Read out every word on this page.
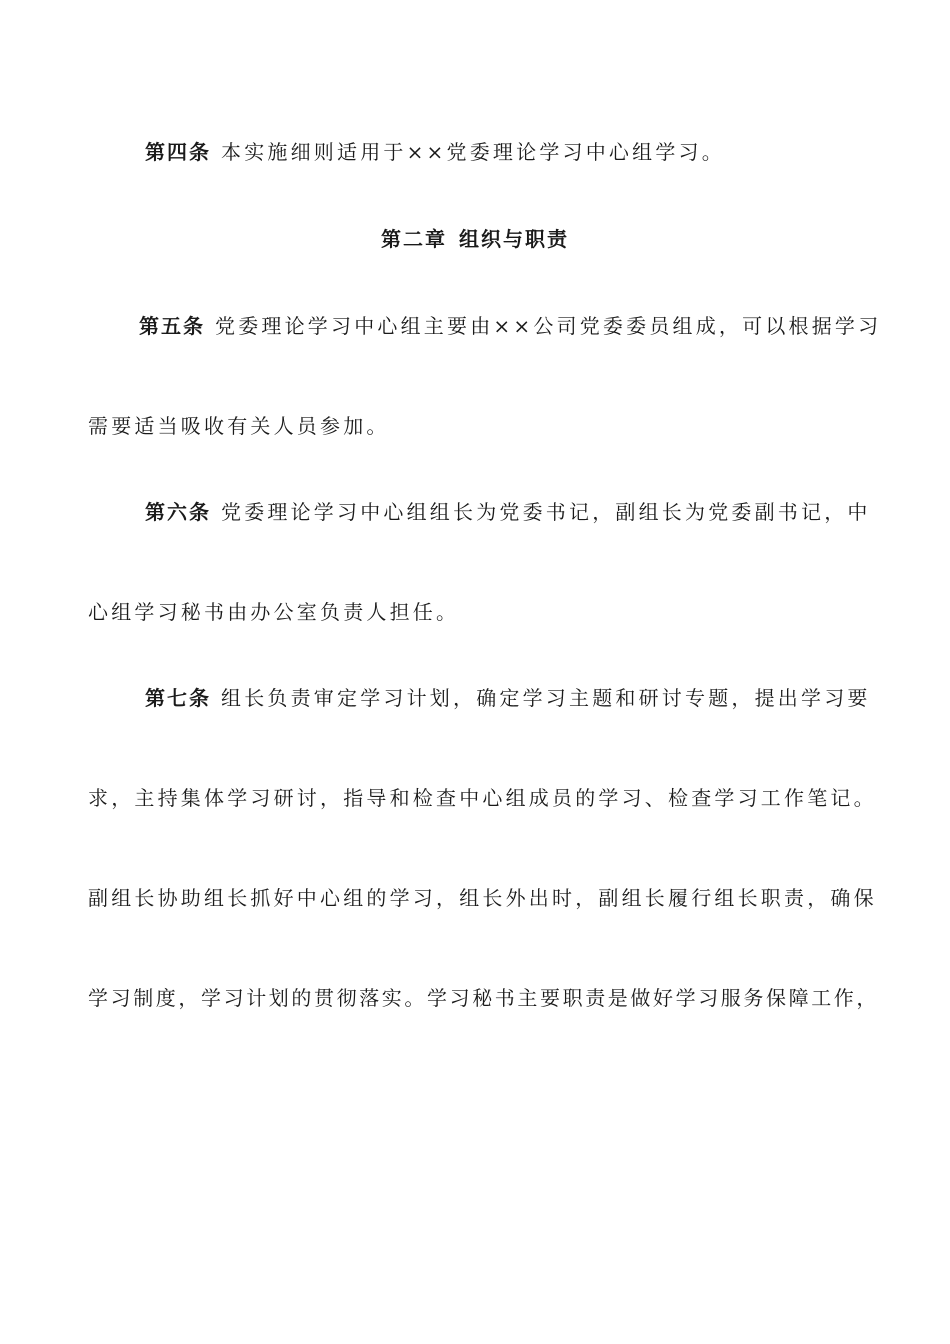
第四条 本实施细则适用于××党委理论学习中心组学习。
第二章 组织与职责
第五条 党委理论学习中心组主要由××公司党委委员组成，可以根据学习
需要适当吸收有关人员参加。
第六条 党委理论学习中心组组长为党委书记，副组长为党委副书记，中
心组学习秘书由办公室负责人担任。
第七条 组长负责审定学习计划，确定学习主题和研讨专题，提出学习要
求，主持集体学习研讨，指导和检查中心组成员的学习、检查学习工作笔记。
副组长协助组长抓好中心组的学习，组长外出时，副组长履行组长职责，确保
学习制度，学习计划的贯彻落实。学习秘书主要职责是做好学习服务保障工作，
